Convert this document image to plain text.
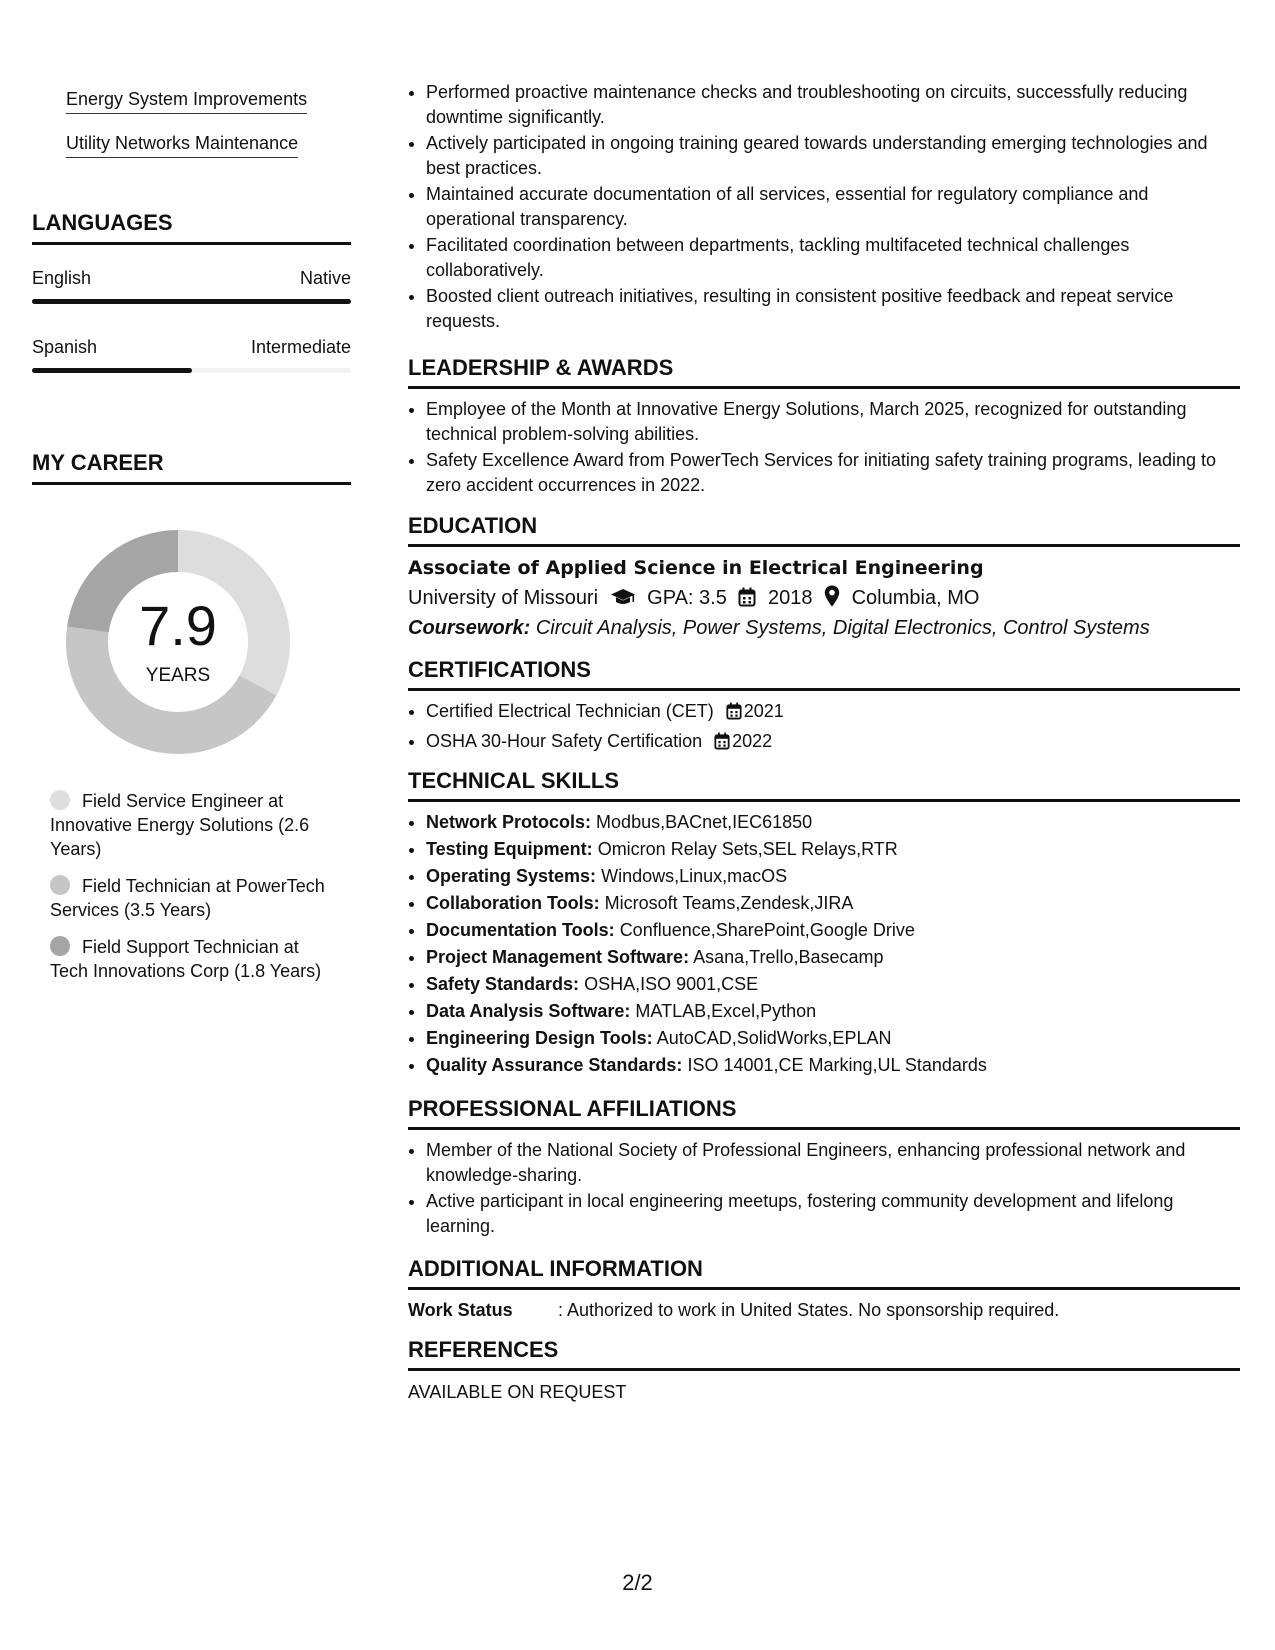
Energy System Improvements
Utility Networks Maintenance
LANGUAGES
English	Native
Spanish	Intermediate
MY CAREER
7.9
YEARS
Field Service Engineer at Innovative Energy Solutions (2.6 Years)
Field Technician at PowerTech Services (3.5 Years)
Field Support Technician at Tech Innovations Corp (1.8 Years)
• Performed proactive maintenance checks and troubleshooting on circuits, successfully reducing downtime significantly.
• Actively participated in ongoing training geared towards understanding emerging technologies and best practices.
• Maintained accurate documentation of all services, essential for regulatory compliance and operational transparency.
• Facilitated coordination between departments, tackling multifaceted technical challenges collaboratively.
• Boosted client outreach initiatives, resulting in consistent positive feedback and repeat service requests.
LEADERSHIP & AWARDS
• Employee of the Month at Innovative Energy Solutions, March 2025, recognized for outstanding technical problem-solving abilities.
• Safety Excellence Award from PowerTech Services for initiating safety training programs, leading to zero accident occurrences in 2022.
EDUCATION
Associate of Applied Science in Electrical Engineering
University of Missouri GPA: 3.5 2018 Columbia, MO
Coursework: Circuit Analysis, Power Systems, Digital Electronics, Control Systems
CERTIFICATIONS
• Certified Electrical Technician (CET) 2021
• OSHA 30-Hour Safety Certification 2022
TECHNICAL SKILLS
• Network Protocols: Modbus,BACnet,IEC61850
• Testing Equipment: Omicron Relay Sets,SEL Relays,RTR
• Operating Systems: Windows,Linux,macOS
• Collaboration Tools: Microsoft Teams,Zendesk,JIRA
• Documentation Tools: Confluence,SharePoint,Google Drive
• Project Management Software: Asana,Trello,Basecamp
• Safety Standards: OSHA,ISO 9001,CSE
• Data Analysis Software: MATLAB,Excel,Python
• Engineering Design Tools: AutoCAD,SolidWorks,EPLAN
• Quality Assurance Standards: ISO 14001,CE Marking,UL Standards
PROFESSIONAL AFFILIATIONS
• Member of the National Society of Professional Engineers, enhancing professional network and knowledge-sharing.
• Active participant in local engineering meetups, fostering community development and lifelong learning.
ADDITIONAL INFORMATION
Work Status	: Authorized to work in United States. No sponsorship required.
REFERENCES
AVAILABLE ON REQUEST
2/2
